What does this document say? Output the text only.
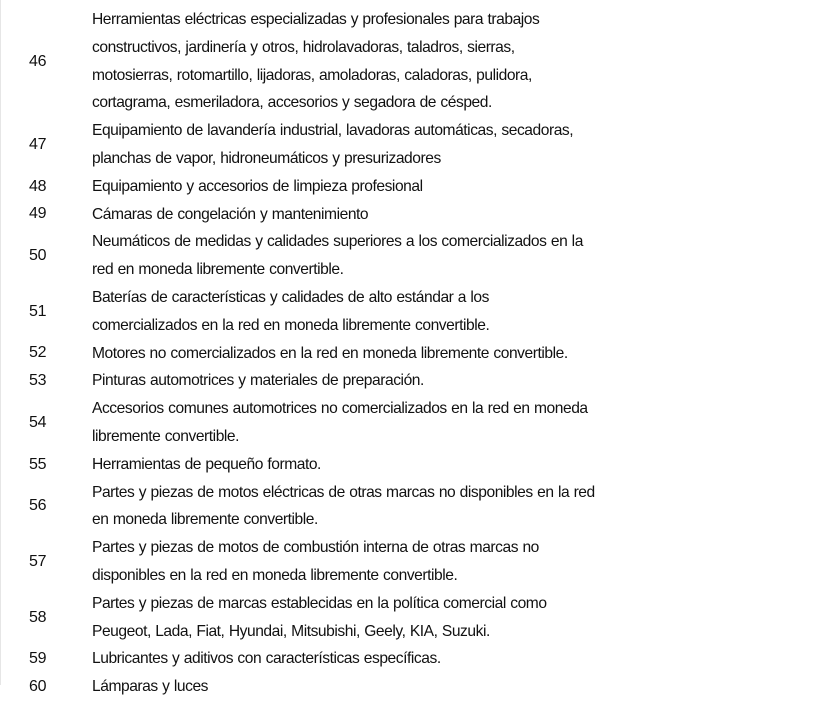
46
Herramientas eléctricas especializadas y profesionales para trabajos
constructivos, jardinería y otros, hidrolavadoras, taladros, sierras,
motosierras, rotomartillo, lijadoras, amoladoras, caladoras, pulidora,
cortagrama, esmeriladora, accesorios y segadora de césped.
47
Equipamiento de lavandería industrial, lavadoras automáticas, secadoras,
planchas de vapor, hidroneumáticos y presurizadores
48	Equipamiento y accesorios de limpieza profesional
49	Cámaras de congelación y mantenimiento
50
Neumáticos de medidas y calidades superiores a los comercializados en la
red en moneda libremente convertible.
51
Baterías de características y calidades de alto estándar a los
comercializados en la red en moneda libremente convertible.
52	Motores no comercializados en la red en moneda libremente convertible.
53	Pinturas automotrices y materiales de preparación.
54
Accesorios comunes automotrices no comercializados en la red en moneda
libremente convertible.
55	Herramientas de pequeño formato.
56
Partes y piezas de motos eléctricas de otras marcas no disponibles en la red
en moneda libremente convertible.
57
Partes y piezas de motos de combustión interna de otras marcas no
disponibles en la red en moneda libremente convertible.
58
Partes y piezas de marcas establecidas en la política comercial como
Peugeot, Lada, Fiat, Hyundai, Mitsubishi, Geely, KIA, Suzuki.
59	Lubricantes y aditivos con características específicas.
60	Lámparas y luces
